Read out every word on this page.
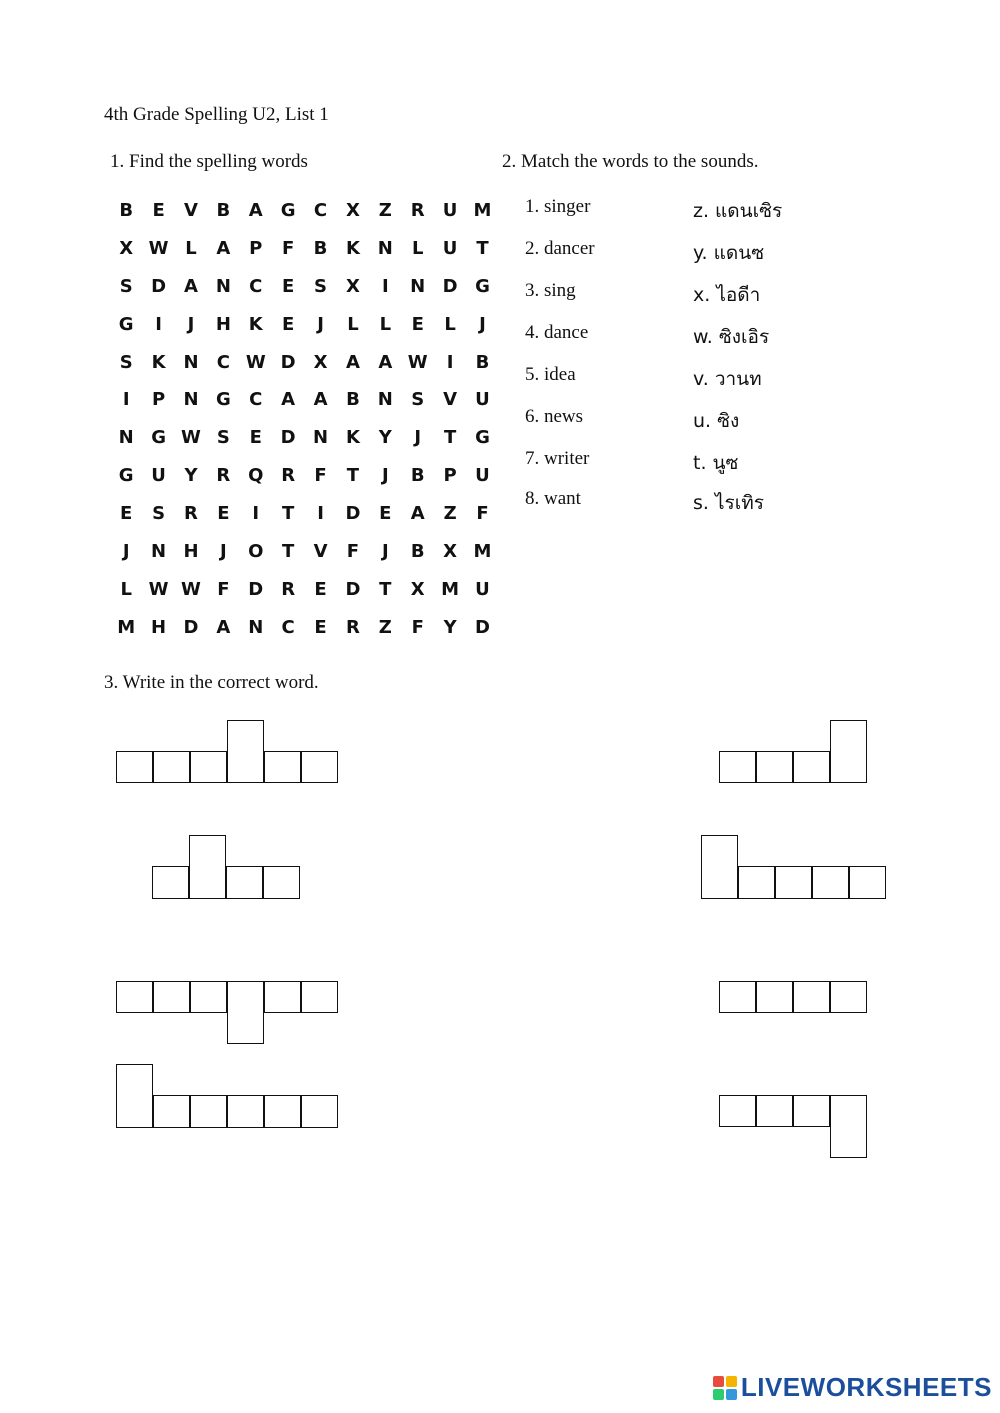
4th Grade Spelling U2, List 1
1. Find the spelling words	2. Match the words to the sounds.
3. Write in the correct word.
B	E	V	B	A	G	C	X	Z	R	U M
X W L	A	P	F	B	K N	L	U	T
S	D A N	C	E	S	X	I	N D G
G	I	J	H K	E	J	L	L	E	L	J
S	K N	C W D X	A	A W	I	B
I	P	N G	C	A	A	B N	S	V	U
N G W S	E	D N K	Y	J	T	G
G U	Y	R Q R	F	T	J	B	P	U
E	S	R	E	I	T	I	D	E	A	Z	F
J	N H	J	O	T	V	F	J	B	X M
L W W F	D R	E	D	T	X M U
M H D A N	C	E	R	Z	F	Y	D
1. singer	z. แดนเซิร
2. dancer	y. แดนซ
3. sing	x. ไอดีา
4. dance	w. ซิงเอิร
5. idea	v. วานท
6. news	u. ซิง
7. writer	t. นูซ
8. want	s. ไรเทิร
LIVEWORKSHEETS
